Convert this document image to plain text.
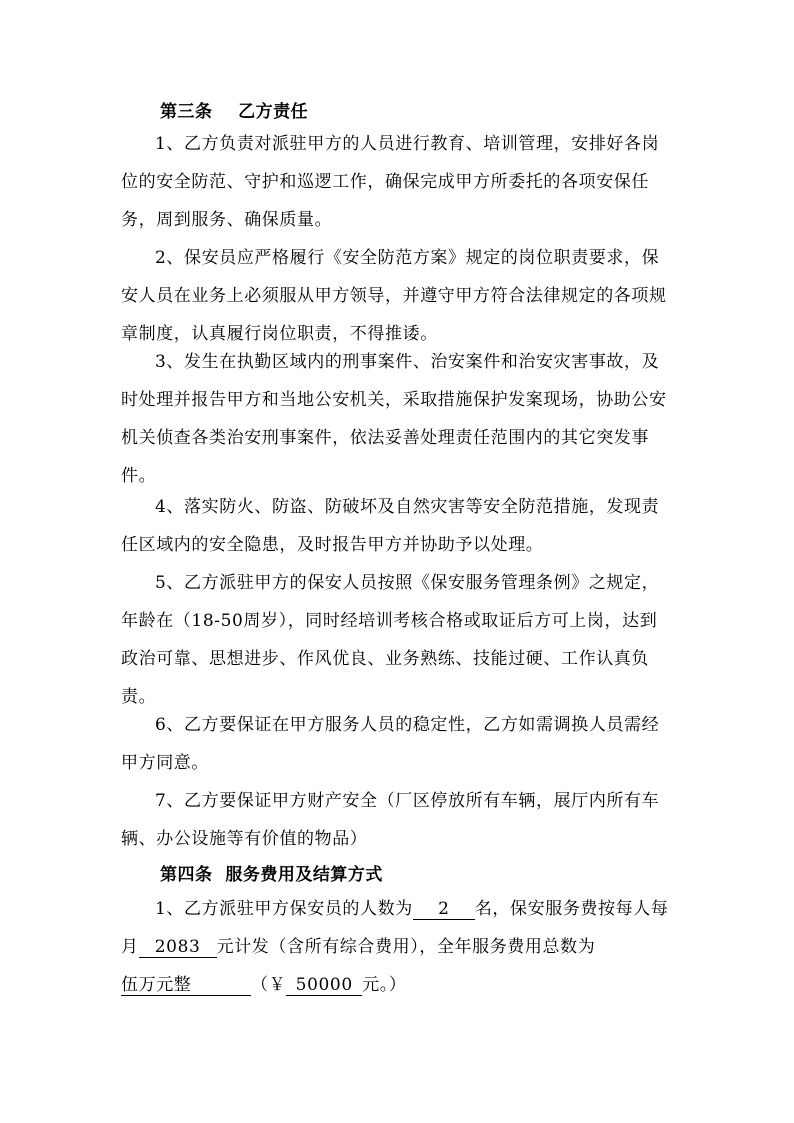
第三条    乙方责任

1、乙方负责对派驻甲方的人员进行教育、培训管理，安排好各岗位的安全防范、守护和巡逻工作，确保完成甲方所委托的各项安保任务，周到服务、确保质量。

2、保安员应严格履行《安全防范方案》规定的岗位职责要求，保安人员在业务上必须服从甲方领导，并遵守甲方符合法律规定的各项规章制度，认真履行岗位职责，不得推诿。

3、发生在执勤区域内的刑事案件、治安案件和治安灾害事故，及时处理并报告甲方和当地公安机关，采取措施保护发案现场，协助公安机关侦查各类治安刑事案件，依法妥善处理责任范围内的其它突发事件。

4、落实防火、防盗、防破坏及自然灾害等安全防范措施，发现责任区域内的安全隐患，及时报告甲方并协助予以处理。

5、乙方派驻甲方的保安人员按照《保安服务管理条例》之规定，年龄在（18-50周岁），同时经培训考核合格或取证后方可上岗，达到政治可靠、思想进步、作风优良、业务熟练、技能过硬、工作认真负责。

6、乙方要保证在甲方服务人员的稳定性，乙方如需调换人员需经甲方同意。

7、乙方要保证甲方财产安全（厂区停放所有车辆，展厅内所有车辆、办公设施等有价值的物品）

第四条  服务费用及结算方式

1、乙方派驻甲方保安员的人数为 2 名，保安服务费按每人每月 2083 元计发（含所有综合费用），全年服务费用总数为伍万元整	（￥ 50000 元。）
